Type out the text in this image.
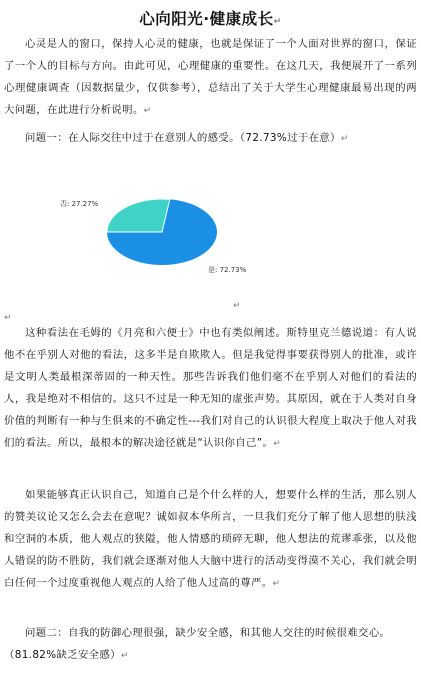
心向阳光·健康成长↵
心灵是人的窗口，保持人心灵的健康，也就是保证了一个人面对世界的窗口，保证了一个人的目标与方向。由此可见，心理健康的重要性。在这几天，我便展开了一系列心理健康调查（因数据量少，仅供参考），总结出了关于大学生心理健康最易出现的两大问题，在此进行分析说明。↵
问题一：在人际交往中过于在意别人的感受。（72.73%过于在意）↵
否: 27.27%
是: 72.73%
↵
↵
这种看法在毛姆的《月亮和六便士》中也有类似阐述。斯特里克兰德说道：有人说他不在乎别人对他的看法，这多半是自欺欺人。但是我觉得事要获得别人的批准，或许是文明人类最根深蒂固的一种天性。那些告诉我们他们毫不在乎别人对他们的看法的人，我是绝对不相信的。这只不过是一种无知的虚张声势。其原因，就在于人类对自身价值的判断有一种与生俱来的不确定性---我们对自己的认识很大程度上取决于他人对我们的看法。所以，最根本的解决途径就是“认识你自己”。↵
如果能够真正认识自己，知道自己是个什么样的人，想要什么样的生活，那么别人的赞美议论又怎么会去在意呢？诚如叔本华所言，一旦我们充分了解了他人思想的肤浅和空洞的本质，他人观点的狭隘，他人情感的琐碎无聊，他人想法的荒谬乖张，以及他人错误的防不胜防，我们就会逐渐对他人大脑中进行的活动变得漠不关心，我们就会明白任何一个过度重视他人观点的人给了他人过高的尊严。↵
问题二：自我的防御心理很强，缺少安全感，和其他人交往的时候很难交心。
（81.82%缺乏安全感）↵
